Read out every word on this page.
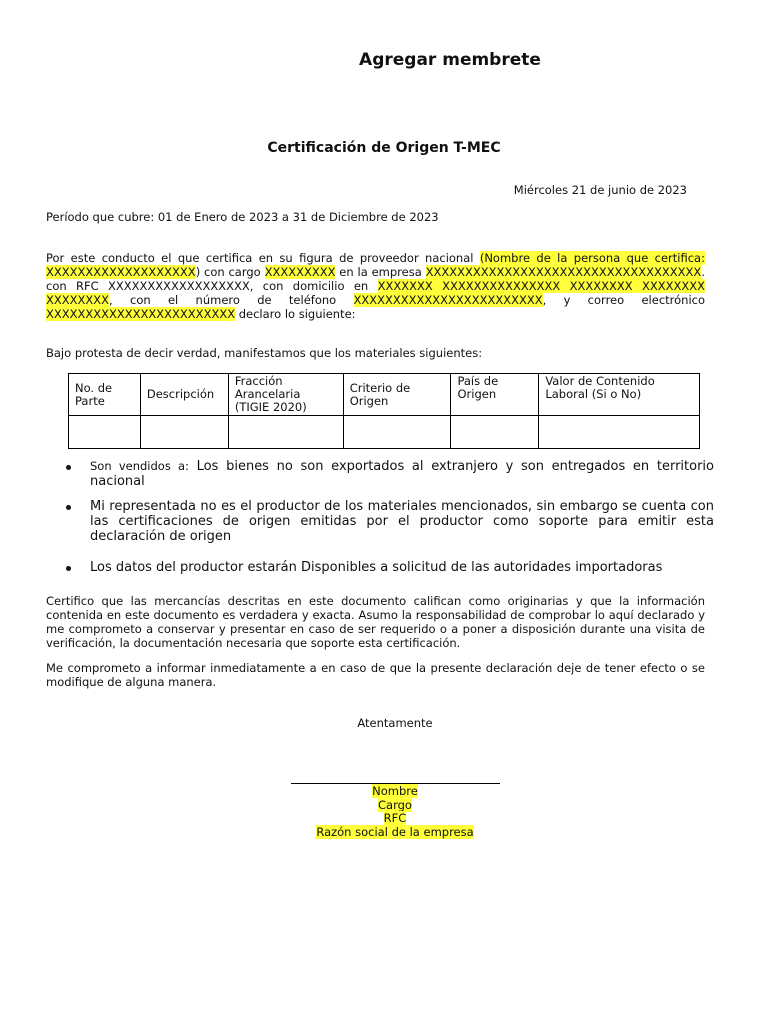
Agregar membrete
Certificación de Origen T-MEC
Miércoles 21 de junio de 2023
Período que cubre: 01 de Enero de 2023 a 31 de Diciembre de 2023
Por este conducto el que certifica en su figura de proveedor nacional (Nombre de la persona que certifica: XXXXXXXXXXXXXXXXXXX) con cargo XXXXXXXXX en la empresa XXXXXXXXXXXXXXXXXXXXXXXXXXXXXXXXXXX. con RFC XXXXXXXXXXXXXXXXXX, con domicilio en XXXXXXX XXXXXXXXXXXXXXX XXXXXXXX XXXXXXXX XXXXXXXX, con el número de teléfono XXXXXXXXXXXXXXXXXXXXXXXX, y correo electrónico XXXXXXXXXXXXXXXXXXXXXXXX declaro lo siguiente:
Bajo protesta de decir verdad, manifestamos que los materiales siguientes:
No. de Parte	Descripción	Fracción Arancelaria (TIGIE 2020)	Criterio de Origen	País de Origen	Valor de Contenido Laboral (Si o No)

Son vendidos a: Los bienes no son exportados al extranjero y son entregados en territorio nacional
Mi representada no es el productor de los materiales mencionados, sin embargo se cuenta con las certificaciones de origen emitidas por el productor como soporte para emitir esta declaración de origen
Los datos del productor estarán Disponibles a solicitud de las autoridades importadoras
Certifico que las mercancías descritas en este documento califican como originarias y que la información contenida en este documento es verdadera y exacta. Asumo la responsabilidad de comprobar lo aquí declarado y me comprometo a conservar y presentar en caso de ser requerido o a poner a disposición durante una visita de verificación, la documentación necesaria que soporte esta certificación.
Me comprometo a informar inmediatamente a en caso de que la presente declaración deje de tener efecto o se modifique de alguna manera.
Atentamente
Nombre
Cargo
RFC
Razón social de la empresa
